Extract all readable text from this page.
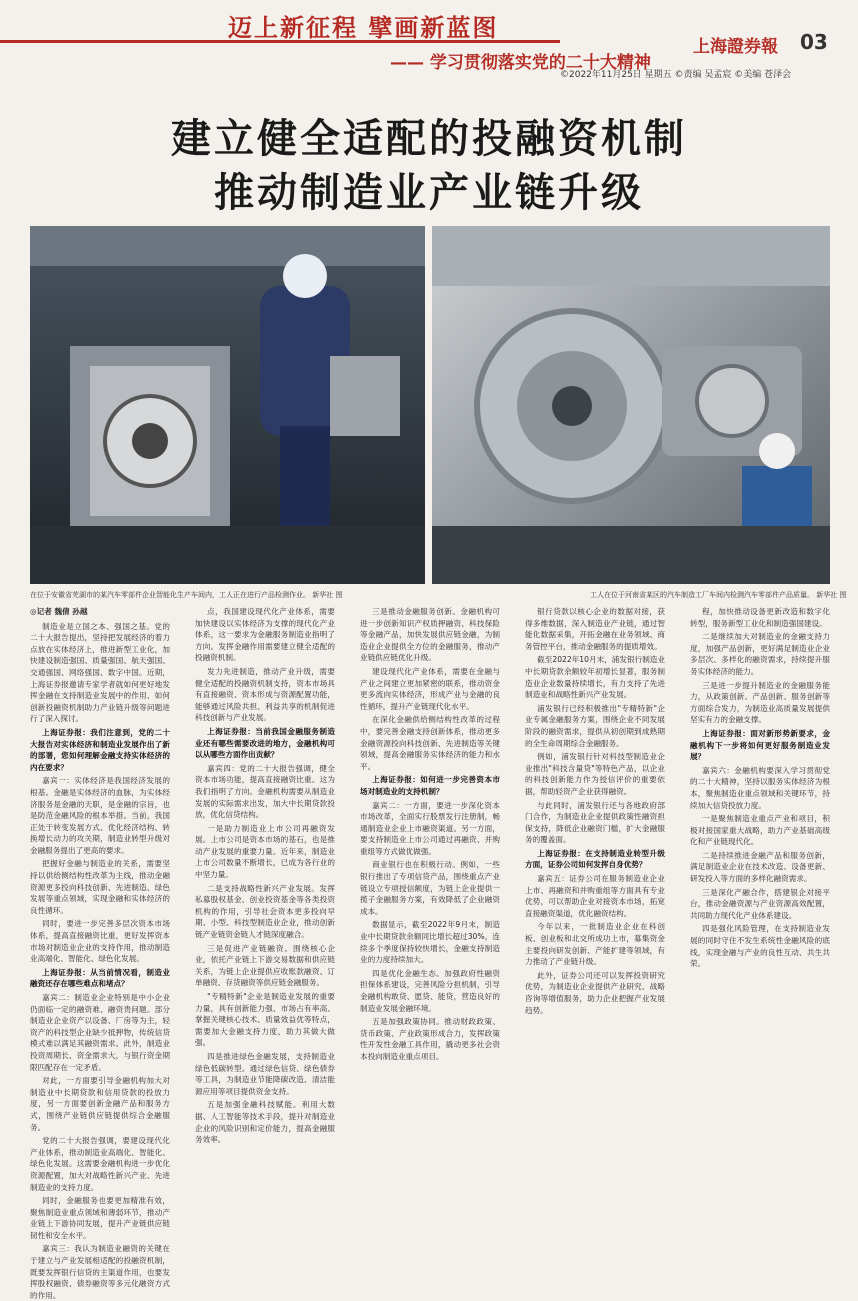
迈上新征程 擘画新蓝图
—— 学习贯彻落实党的二十大精神
上海證券報 03
©2022年11月25日 星期五 ©责编 吴孟宸 ©美编 苍泽会
建立健全适配的投融资机制
推动制造业产业链升级
在位于安徽省芜湖市的某汽车零部件企业智能化生产车间内，工人正在进行产品检测作业。 新华社 图	工人在位于河南省某区的汽车制造工厂车间内检测汽车零部件产品质量。 新华社 图
◎记者 魏倩 孙越

制造业是立国之本、强国之基。党的二十大报告提出，坚持把发展经济的着力点放在实体经济上，推进新型工业化，加快建设制造强国、质量强国、航天强国、交通强国、网络强国、数字中国。近期，上海证券报邀请专家学者就如何更好地发挥金融在支持制造业发展中的作用、如何创新投融资机制助力产业链升级等问题进行了深入探讨。

上海证券报：我们注意到，党的二十大报告对实体经济和制造业发展作出了新的部署，您如何理解金融支持实体经济的内在要求？

嘉宾一：实体经济是我国经济发展的根基。金融是实体经济的血脉，为实体经济服务是金融的天职，是金融的宗旨，也是防范金融风险的根本举措。当前，我国正处于转变发展方式、优化经济结构、转换增长动力的攻关期，制造业转型升级对金融服务提出了更高的要求。

把握好金融与制造业的关系，需要坚持以供给侧结构性改革为主线，推动金融资源更多投向科技创新、先进制造、绿色发展等重点领域，实现金融和实体经济的良性循环。

同时，要进一步完善多层次资本市场体系，提高直接融资比重，更好发挥资本市场对制造业企业的支持作用，推动制造业高端化、智能化、绿色化发展。

上海证券报：从当前情况看，制造业融资还存在哪些难点和堵点？

嘉宾二：制造业企业特别是中小企业仍面临一定的融资难、融资贵问题。部分制造业企业资产以设备、厂房等为主，轻资产的科技型企业缺少抵押物，传统信贷模式难以满足其融资需求。此外，制造业投资周期长、资金需求大，与银行资金期限匹配存在一定矛盾。

对此，一方面要引导金融机构加大对制造业中长期贷款和信用贷款的投放力度，另一方面要创新金融产品和服务方式，围绕产业链供应链提供综合金融服务。

党的二十大报告强调，要建设现代化产业体系，推动制造业高端化、智能化、绿色化发展。这需要金融机构进一步优化资源配置，加大对战略性新兴产业、先进制造业的支持力度。

同时，金融服务也要更加精准有效，聚焦制造业重点领域和薄弱环节，推动产业链上下游协同发展，提升产业链供应链韧性和安全水平。

嘉宾三：我认为制造业融资的关键在于建立与产业发展相适配的投融资机制，既要发挥银行信贷的主渠道作用，也要发挥股权融资、债券融资等多元化融资方式的作用。

点，我国建设现代化产业体系，需要加快建设以实体经济为支撑的现代化产业体系，这一要求为金融服务制造业指明了方向。发挥金融作用需要建立健全适配的投融资机制。

发力先进制造，推动产业升级，需要健全适配的投融资机制支持，资本市场具有直接融资、资本形成与资源配置功能，能够通过风险共担、利益共享的机制促进科技创新与产业发展。

上海证券报：当前我国金融服务制造业还有哪些需要改进的地方，金融机构可以从哪些方面作出贡献？

嘉宾四：党的二十大报告强调，健全资本市场功能，提高直接融资比重。这为我们指明了方向。金融机构需要从制造业发展的实际需求出发，加大中长期贷款投放，优化信贷结构。

一是助力制造业上市公司再融资发展。上市公司是资本市场的基石，也是推动产业发展的重要力量。近年来，制造业上市公司数量不断增长，已成为各行业的中坚力量。

二是支持战略性新兴产业发展。发挥私募股权基金、创业投资基金等各类投资机构的作用，引导社会资本更多投向早期、小型、科技型制造业企业，推动创新链产业链资金链人才链深度融合。

三是促进产业链融资。围绕核心企业，依托产业链上下游交易数据和供应链关系，为链上企业提供应收账款融资、订单融资、存货融资等供应链金融服务。

"专精特新"企业是制造业发展的重要力量，具有创新能力强、市场占有率高、掌握关键核心技术、质量效益优等特点，需要加大金融支持力度，助力其做大做强。

四是推进绿色金融发展，支持制造业绿色低碳转型。通过绿色信贷、绿色债券等工具，为制造业节能降碳改造、清洁能源应用等项目提供资金支持。

五是加强金融科技赋能。利用大数据、人工智能等技术手段，提升对制造业企业的风险识别和定价能力，提高金融服务效率。

三是推动金融服务创新。金融机构可进一步创新知识产权质押融资、科技保险等金融产品，加快发展供应链金融，为制造业企业提供全方位的金融服务，推动产业链供应链优化升级。

建设现代化产业体系，需要在金融与产业之间建立更加紧密的联系，推动资金更多流向实体经济，形成产业与金融的良性循环，提升产业链现代化水平。

在深化金融供给侧结构性改革的过程中，要完善金融支持创新体系，推动更多金融资源投向科技创新、先进制造等关键领域，提高金融服务实体经济的能力和水平。

上海证券报：如何进一步完善资本市场对制造业的支持机制？

嘉宾二：一方面，要进一步深化资本市场改革，全面实行股票发行注册制，畅通制造业企业上市融资渠道。另一方面，要支持制造业上市公司通过再融资、并购重组等方式做优做强。

商业银行也在积极行动。例如，一些银行推出了专项信贷产品，围绕重点产业链设立专项授信额度，为链上企业提供一揽子金融服务方案，有效降低了企业融资成本。

数据显示，截至2022年9月末，制造业中长期贷款余额同比增长超过30%，连续多个季度保持较快增长，金融支持制造业的力度持续加大。

四是优化金融生态。加强政府性融资担保体系建设，完善风险分担机制，引导金融机构敢贷、愿贷、能贷，营造良好的制造业发展金融环境。

五是加强政策协同。推动财政政策、货币政策、产业政策形成合力，发挥政策性开发性金融工具作用，撬动更多社会资本投向制造业重点项目。

银行贷款以核心企业的数据对接，获得多维数据，深入制造业产业链，通过智能化数据采集，开拓金融在业务领域、商务管控平台，推动金融服务的提质增效。

截至2022年10月末，浦发银行制造业中长期贷款余额较年初增长显著，服务制造业企业数量持续增长，有力支持了先进制造业和战略性新兴产业发展。

浦发银行已经积极推出"专精特新"企业专属金融服务方案，围绕企业不同发展阶段的融资需求，提供从初创期到成熟期的全生命周期综合金融服务。

例如，浦发银行针对科技型制造业企业推出"科技含量贷"等特色产品，以企业的科技创新能力作为授信评价的重要依据，帮助轻资产企业获得融资。

与此同时，浦发银行还与各地政府部门合作，为制造业企业提供政策性融资担保支持，降低企业融资门槛，扩大金融服务的覆盖面。

上海证券报：在支持制造业转型升级方面，证券公司如何发挥自身优势？

嘉宾五：证券公司在服务制造业企业上市、再融资和并购重组等方面具有专业优势，可以帮助企业对接资本市场，拓宽直接融资渠道，优化融资结构。

今年以来，一批制造业企业在科创板、创业板和北交所成功上市，募集资金主要投向研发创新、产能扩建等领域，有力推动了产业链升级。

此外，证券公司还可以发挥投资研究优势，为制造业企业提供产业研究、战略咨询等增值服务，助力企业把握产业发展趋势。

程，加快推动设备更新改造和数字化转型，服务新型工业化和制造强国建设。

二是继续加大对制造业的金融支持力度，加强产品创新，更好满足制造业企业多层次、多样化的融资需求，持续提升服务实体经济的能力。

三是进一步提升制造业的金融服务能力，从政策创新、产品创新、服务创新等方面综合发力，为制造业高质量发展提供坚实有力的金融支撑。

上海证券报：面对新形势新要求，金融机构下一步将如何更好服务制造业发展？

嘉宾六：金融机构要深入学习贯彻党的二十大精神，坚持以服务实体经济为根本，聚焦制造业重点领域和关键环节，持续加大信贷投放力度。

一是聚焦制造业重点产业和项目，积极对接国家重大战略，助力产业基础高级化和产业链现代化。

二是持续推进金融产品和服务创新，满足制造业企业在技术改造、设备更新、研发投入等方面的多样化融资需求。

三是深化产融合作，搭建银企对接平台，推动金融资源与产业资源高效配置，共同助力现代化产业体系建设。

四是强化风险管理，在支持制造业发展的同时守住不发生系统性金融风险的底线，实现金融与产业的良性互动、共生共荣。
